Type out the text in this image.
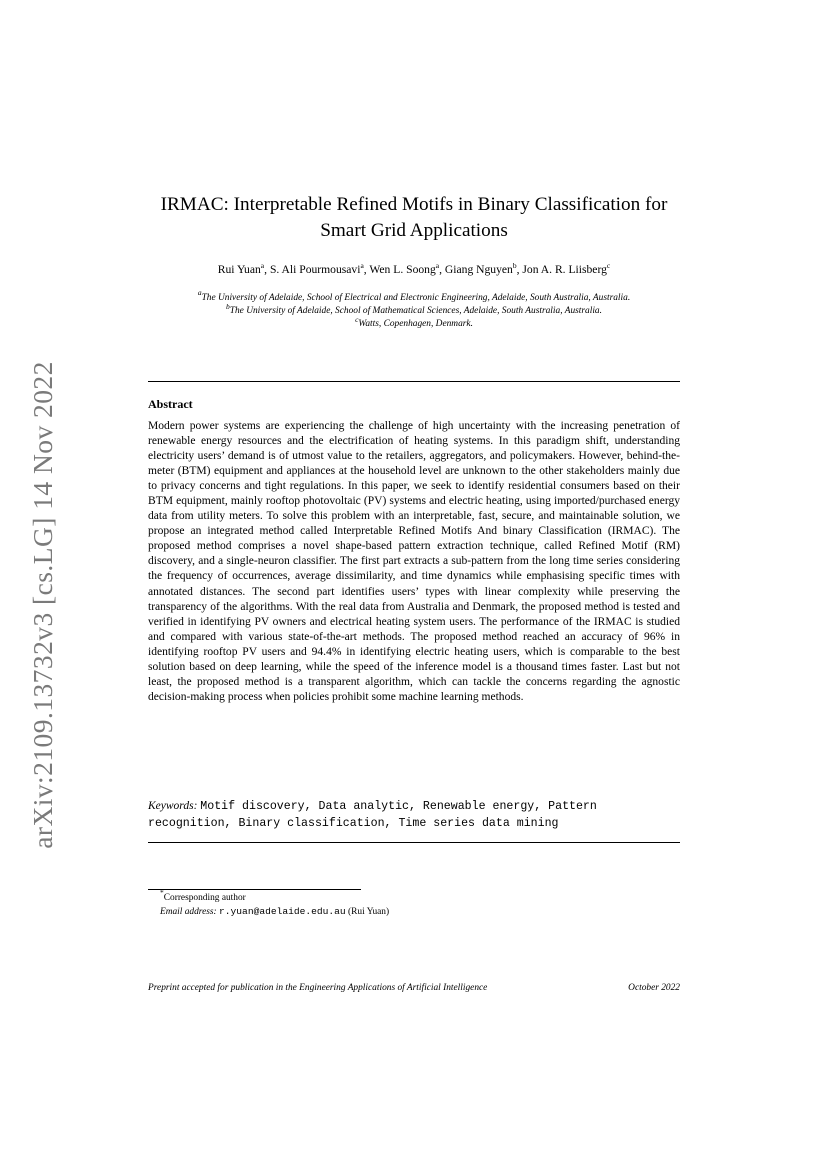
arXiv:2109.13732v3 [cs.LG] 14 Nov 2022
IRMAC: Interpretable Refined Motifs in Binary Classification for
Smart Grid Applications
Rui Yuan$^a$, S. Ali Pourmousavi$^a$, Wen L. Soong$^a$, Giang Nguyen$^b$, Jon A. R. Liisberg$^c$
$^a$The University of Adelaide, School of Electrical and Electronic Engineering, Adelaide, South Australia, Australia.
$^b$The University of Adelaide, School of Mathematical Sciences, Adelaide, South Australia, Australia.
$^c$Watts, Copenhagen, Denmark.
Abstract
Modern power systems are experiencing the challenge of high uncertainty with the increasing penetration of renewable energy resources and the electrification of heating systems. In this paradigm shift, understanding electricity users’ demand is of utmost value to the retailers, aggregators, and policymakers. However, behind-the-meter (BTM) equipment and appliances at the household level are unknown to the other stakeholders mainly due to privacy concerns and tight regulations. In this paper, we seek to identify residential consumers based on their BTM equipment, mainly rooftop photovoltaic (PV) systems and electric heating, using imported/purchased energy data from utility meters. To solve this problem with an interpretable, fast, secure, and maintainable solution, we propose an integrated method called Interpretable Refined Motifs And binary Classification (IRMAC). The proposed method comprises a novel shape-based pattern extraction technique, called Refined Motif (RM) discovery, and a single-neuron classifier. The first part extracts a sub-pattern from the long time series considering the frequency of occurrences, average dissimilarity, and time dynamics while emphasising specific times with annotated distances. The second part identifies users’ types with linear complexity while preserving the transparency of the algorithms. With the real data from Australia and Denmark, the proposed method is tested and verified in identifying PV owners and electrical heating system users. The performance of the IRMAC is studied and compared with various state-of-the-art methods. The proposed method reached an accuracy of 96% in identifying rooftop PV users and 94.4% in identifying electric heating users, which is comparable to the best solution based on deep learning, while the speed of the inference model is a thousand times faster. Last but not least, the proposed method is a transparent algorithm, which can tackle the concerns regarding the agnostic decision-making process when policies prohibit some machine learning methods.
Keywords: Motif discovery, Data analytic, Renewable energy, Pattern
recognition, Binary classification, Time series data mining
*Corresponding author
Email address: r.yuan@adelaide.edu.au (Rui Yuan)
Preprint accepted for publication in the Engineering Applications of Artificial Intelligence	October 2022
